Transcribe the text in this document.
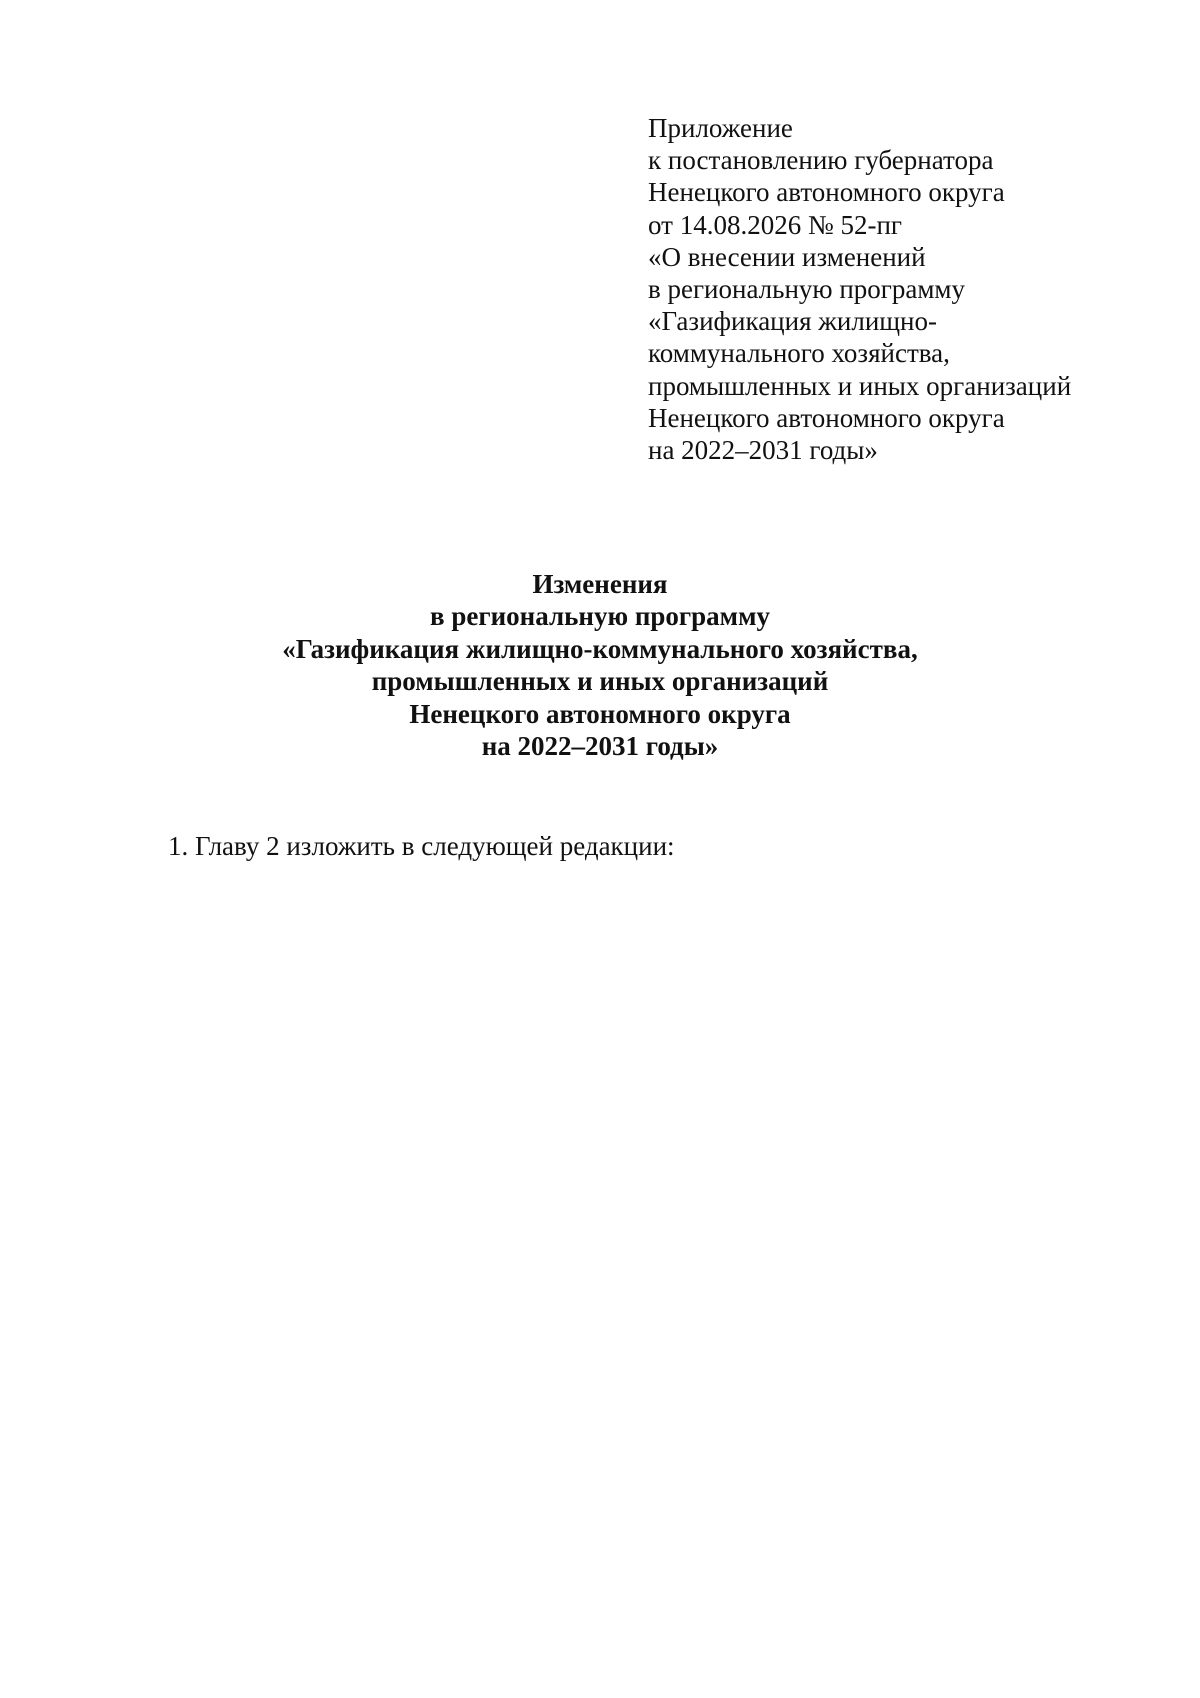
Приложение
к постановлению губернатора
Ненецкого автономного округа
от 14.08.2026 № 52-пг
«О внесении изменений
в региональную программу
«Газификация жилищно-
коммунального хозяйства,
промышленных и иных организаций
Ненецкого автономного округа
на 2022–2031 годы»
Изменения
в региональную программу
«Газификация жилищно-коммунального хозяйства,
промышленных и иных организаций
Ненецкого автономного округа
на 2022–2031 годы»
1. Главу 2 изложить в следующей редакции:
